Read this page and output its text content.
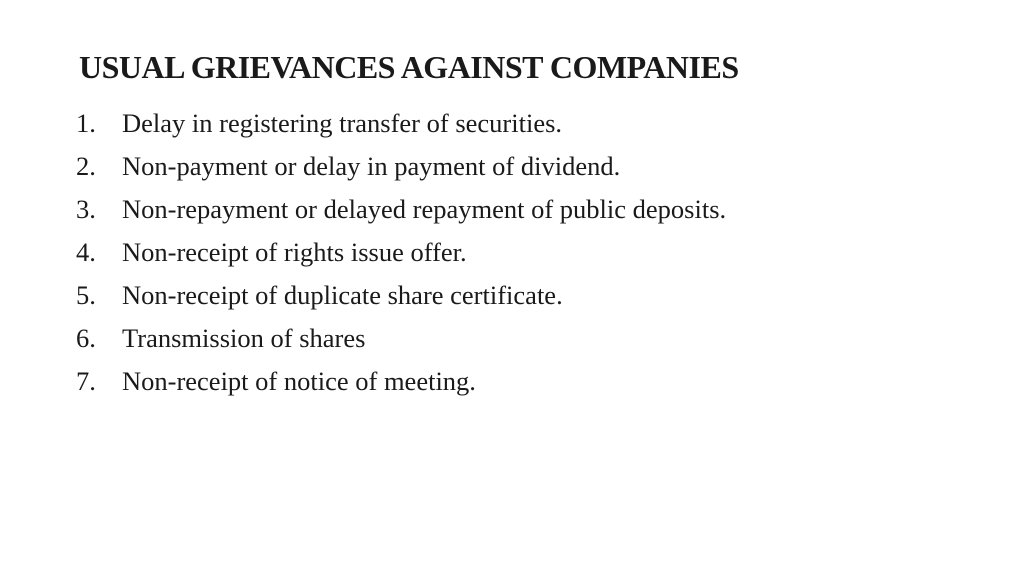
USUAL GRIEVANCES AGAINST COMPANIES
1. Delay in registering transfer of securities.
2. Non-payment or delay in payment of dividend.
3. Non-repayment or delayed repayment of public deposits.
4. Non-receipt of rights issue offer.
5. Non-receipt of duplicate share certificate.
6. Transmission of shares
7. Non-receipt of notice of meeting.
